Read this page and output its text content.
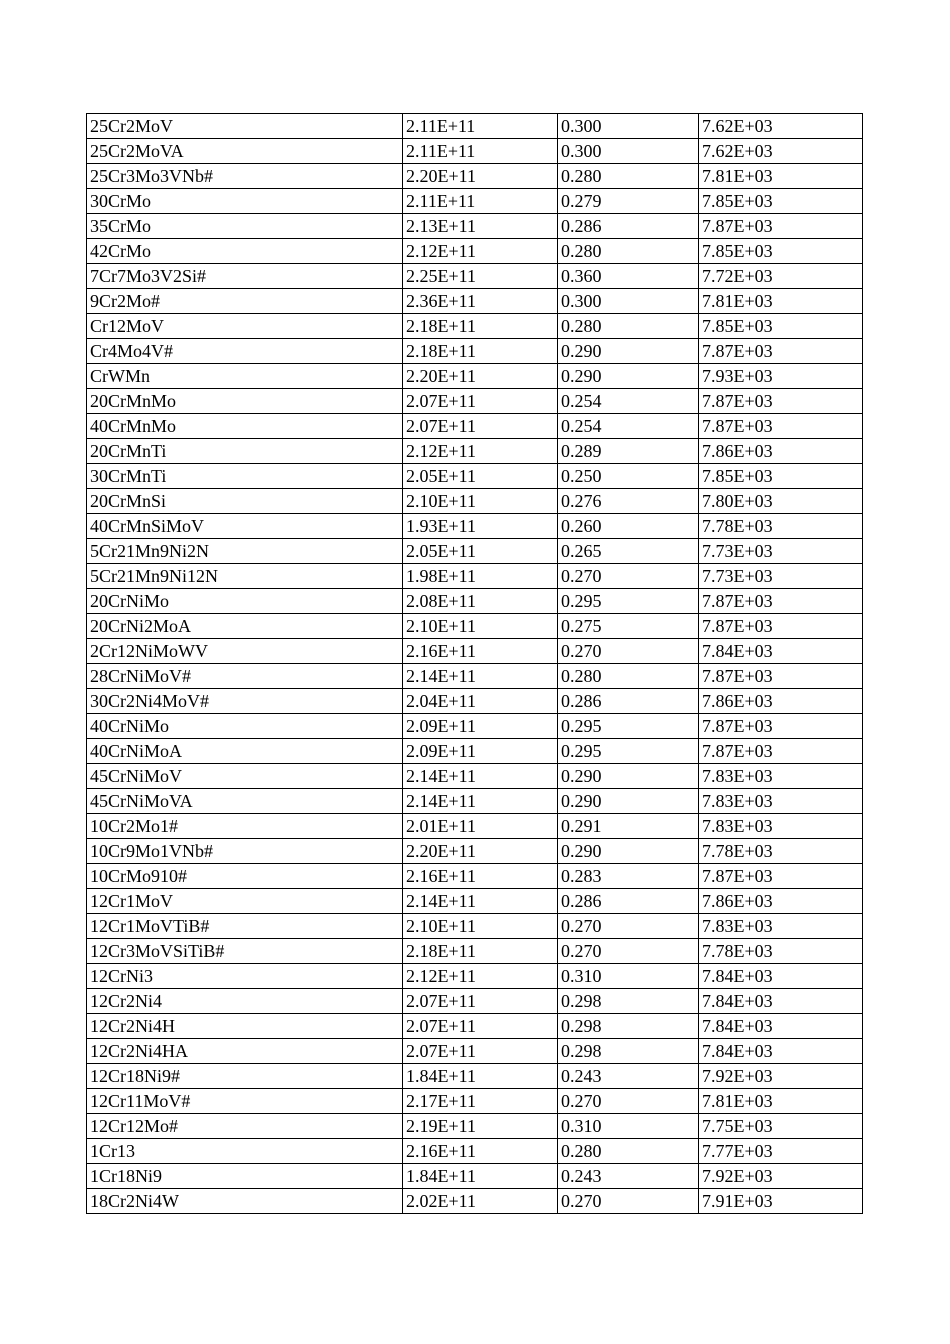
25Cr2MoV	2.11E+11	0.300	7.62E+03
25Cr2MoVA	2.11E+11	0.300	7.62E+03
25Cr3Mo3VNb#	2.20E+11	0.280	7.81E+03
30CrMo	2.11E+11	0.279	7.85E+03
35CrMo	2.13E+11	0.286	7.87E+03
42CrMo	2.12E+11	0.280	7.85E+03
7Cr7Mo3V2Si#	2.25E+11	0.360	7.72E+03
9Cr2Mo#	2.36E+11	0.300	7.81E+03
Cr12MoV	2.18E+11	0.280	7.85E+03
Cr4Mo4V#	2.18E+11	0.290	7.87E+03
CrWMn	2.20E+11	0.290	7.93E+03
20CrMnMo	2.07E+11	0.254	7.87E+03
40CrMnMo	2.07E+11	0.254	7.87E+03
20CrMnTi	2.12E+11	0.289	7.86E+03
30CrMnTi	2.05E+11	0.250	7.85E+03
20CrMnSi	2.10E+11	0.276	7.80E+03
40CrMnSiMoV	1.93E+11	0.260	7.78E+03
5Cr21Mn9Ni2N	2.05E+11	0.265	7.73E+03
5Cr21Mn9Ni12N	1.98E+11	0.270	7.73E+03
20CrNiMo	2.08E+11	0.295	7.87E+03
20CrNi2MoA	2.10E+11	0.275	7.87E+03
2Cr12NiMoWV	2.16E+11	0.270	7.84E+03
28CrNiMoV#	2.14E+11	0.280	7.87E+03
30Cr2Ni4MoV#	2.04E+11	0.286	7.86E+03
40CrNiMo	2.09E+11	0.295	7.87E+03
40CrNiMoA	2.09E+11	0.295	7.87E+03
45CrNiMoV	2.14E+11	0.290	7.83E+03
45CrNiMoVA	2.14E+11	0.290	7.83E+03
10Cr2Mo1#	2.01E+11	0.291	7.83E+03
10Cr9Mo1VNb#	2.20E+11	0.290	7.78E+03
10CrMo910#	2.16E+11	0.283	7.87E+03
12Cr1MoV	2.14E+11	0.286	7.86E+03
12Cr1MoVTiB#	2.10E+11	0.270	7.83E+03
12Cr3MoVSiTiB#	2.18E+11	0.270	7.78E+03
12CrNi3	2.12E+11	0.310	7.84E+03
12Cr2Ni4	2.07E+11	0.298	7.84E+03
12Cr2Ni4H	2.07E+11	0.298	7.84E+03
12Cr2Ni4HA	2.07E+11	0.298	7.84E+03
12Cr18Ni9#	1.84E+11	0.243	7.92E+03
12Cr11MoV#	2.17E+11	0.270	7.81E+03
12Cr12Mo#	2.19E+11	0.310	7.75E+03
1Cr13	2.16E+11	0.280	7.77E+03
1Cr18Ni9	1.84E+11	0.243	7.92E+03
18Cr2Ni4W	2.02E+11	0.270	7.91E+03
